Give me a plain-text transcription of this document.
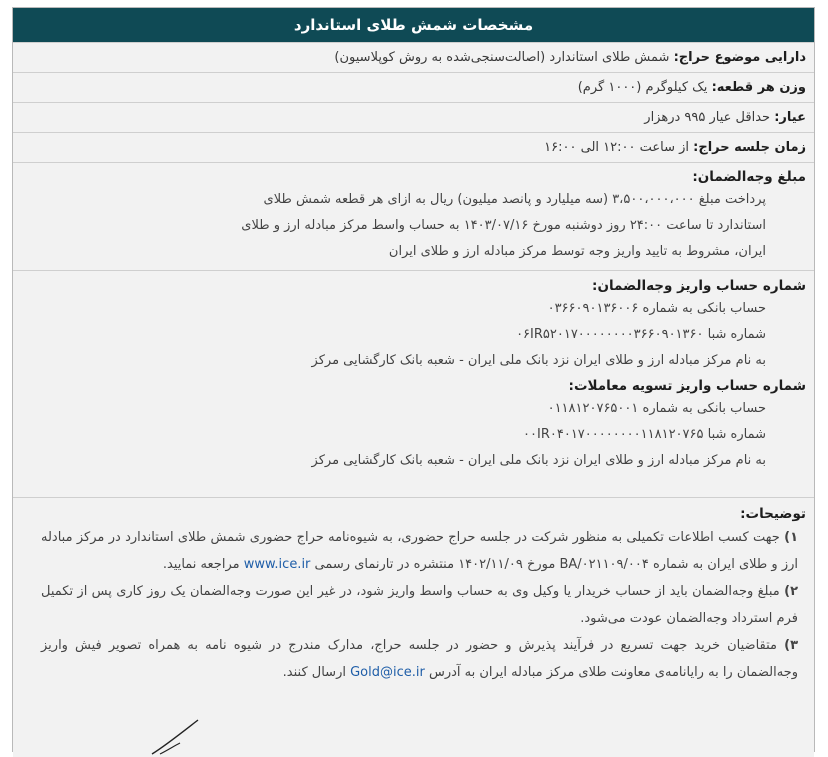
مشخصات شمش طلای استاندارد
دارایی موضوع حراج: شمش طلای استاندارد (اصالت‌سنجی‌شده به روش کوپلاسیون)
وزن هر قطعه: یک کیلوگرم (۱۰۰۰ گرم)
عیار: حداقل عیار ۹۹۵ درهزار
زمان جلسه حراج: از ساعت ۱۲:۰۰ الی ۱۶:۰۰
مبلغ وجه‌الضمان:
پرداخت مبلغ ۳،۵۰۰،۰۰۰،۰۰۰ (سه میلیارد و پانصد میلیون) ریال به ازای هر قطعه شمش طلای
استاندارد تا ساعت ۲۴:۰۰ روز دوشنبه مورخ ۱۴۰۳/۰۷/۱۶ به حساب واسط مرکز مبادله ارز و طلای
ایران، مشروط به تایید واریز وجه توسط مرکز مبادله ارز و طلای ایران
شماره حساب واریز وجه‌الضمان:
حساب بانکی به شماره ۰۳۶۶۰۹۰۱۳۶۰۰۶
شماره شبا ۰۶IR۵۲۰۱۷۰۰۰۰۰۰۰۰۳۶۶۰۹۰۱۳۶۰
به نام مرکز مبادله ارز و طلای ایران نزد بانک ملی ایران - شعبه بانک کارگشایی مرکز
شماره حساب واریز تسویه معاملات:
حساب بانکی به شماره ۰۱۱۸۱۲۰۷۶۵۰۰۱
شماره شبا ۰۰IR۰۴۰۱۷۰۰۰۰۰۰۰۰۱۱۸۱۲۰۷۶۵
به نام مرکز مبادله ارز و طلای ایران نزد بانک ملی ایران - شعبه بانک کارگشایی مرکز
توضیحات:
۱) جهت کسب اطلاعات تکمیلی به منظور شرکت در جلسه حراج حضوری، به شیوه‌نامه حراج حضوری شمش طلای استاندارد در مرکز مبادله ارز و طلای ایران به شماره BA/۰۲۱۱۰۹/۰۰۴ مورخ ۱۴۰۲/۱۱/۰۹ منتشره در تارنمای رسمی www.ice.ir مراجعه نمایید.
۲) مبلغ وجه‌الضمان باید از حساب خریدار یا وکیل وی به حساب واسط واریز شود، در غیر این صورت وجه‌الضمان یک روز کاری پس از تکمیل فرم استرداد وجه‌الضمان عودت می‌شود.
۳) متقاضیان خرید جهت تسریع در فرآیند پذیرش و حضور در جلسه حراج، مدارک مندرج در شیوه نامه به همراه تصویر فیش واریز وجه‌الضمان را به رایانامه‌ی معاونت طلای مرکز مبادله ایران به آدرس Gold@ice.ir ارسال کنند.
